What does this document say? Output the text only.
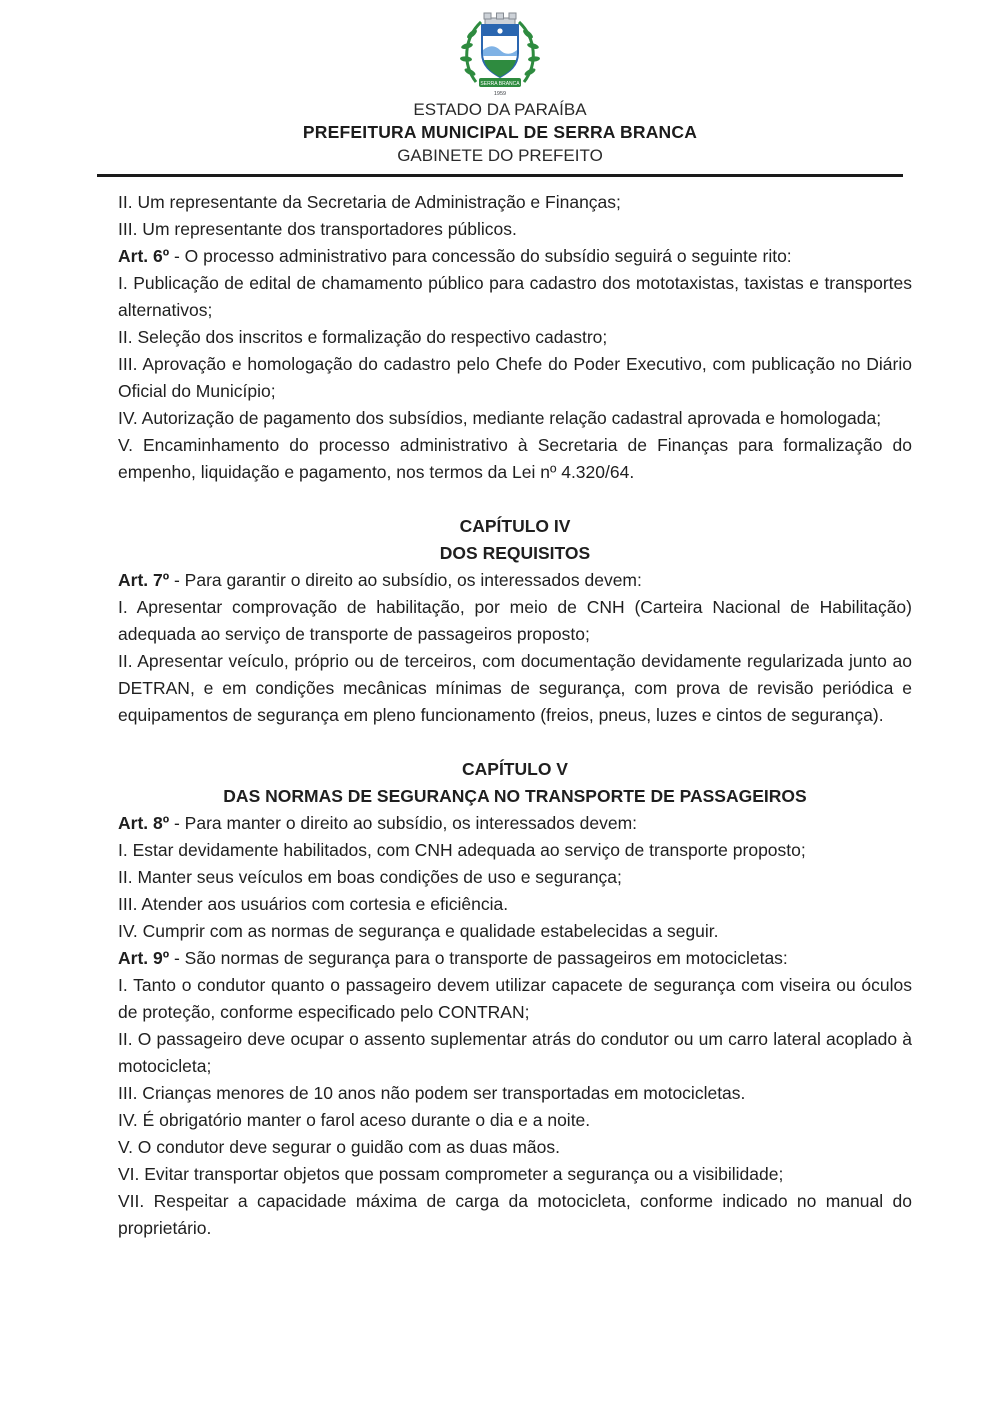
SERRA BRANCA
1959
ESTADO DA PARAÍBA
PREFEITURA MUNICIPAL DE SERRA BRANCA
GABINETE DO PREFEITO

II. Um representante da Secretaria de Administração e Finanças;

III. Um representante dos transportadores públicos.

Art. 6º - O processo administrativo para concessão do subsídio seguirá o seguinte rito:

I. Publicação de edital de chamamento público para cadastro dos mototaxistas, taxistas e transportes alternativos;

II. Seleção dos inscritos e formalização do respectivo cadastro;

III. Aprovação e homologação do cadastro pelo Chefe do Poder Executivo, com publicação no Diário Oficial do Município;

IV. Autorização de pagamento dos subsídios, mediante relação cadastral aprovada e homologada;

V. Encaminhamento do processo administrativo à Secretaria de Finanças para formalização do empenho, liquidação e pagamento, nos termos da Lei nº 4.320/64.

CAPÍTULO IV
DOS REQUISITOS

Art. 7º - Para garantir o direito ao subsídio, os interessados devem:

I. Apresentar comprovação de habilitação, por meio de CNH (Carteira Nacional de Habilitação) adequada ao serviço de transporte de passageiros proposto;

II. Apresentar veículo, próprio ou de terceiros, com documentação devidamente regularizada junto ao DETRAN, e em condições mecânicas mínimas de segurança, com prova de revisão periódica e equipamentos de segurança em pleno funcionamento (freios, pneus, luzes e cintos de segurança).

CAPÍTULO V
DAS NORMAS DE SEGURANÇA NO TRANSPORTE DE PASSAGEIROS

Art. 8º - Para manter o direito ao subsídio, os interessados devem:

I. Estar devidamente habilitados, com CNH adequada ao serviço de transporte proposto;

II. Manter seus veículos em boas condições de uso e segurança;

III. Atender aos usuários com cortesia e eficiência.

IV. Cumprir com as normas de segurança e qualidade estabelecidas a seguir.

Art. 9º - São normas de segurança para o transporte de passageiros em motocicletas:

I. Tanto o condutor quanto o passageiro devem utilizar capacete de segurança com viseira ou óculos de proteção, conforme especificado pelo CONTRAN;

II. O passageiro deve ocupar o assento suplementar atrás do condutor ou um carro lateral acoplado à motocicleta;

III. Crianças menores de 10 anos não podem ser transportadas em motocicletas.

IV. É obrigatório manter o farol aceso durante o dia e a noite.

V. O condutor deve segurar o guidão com as duas mãos.

VI. Evitar transportar objetos que possam comprometer a segurança ou a visibilidade;

VII. Respeitar a capacidade máxima de carga da motocicleta, conforme indicado no manual do proprietário.
